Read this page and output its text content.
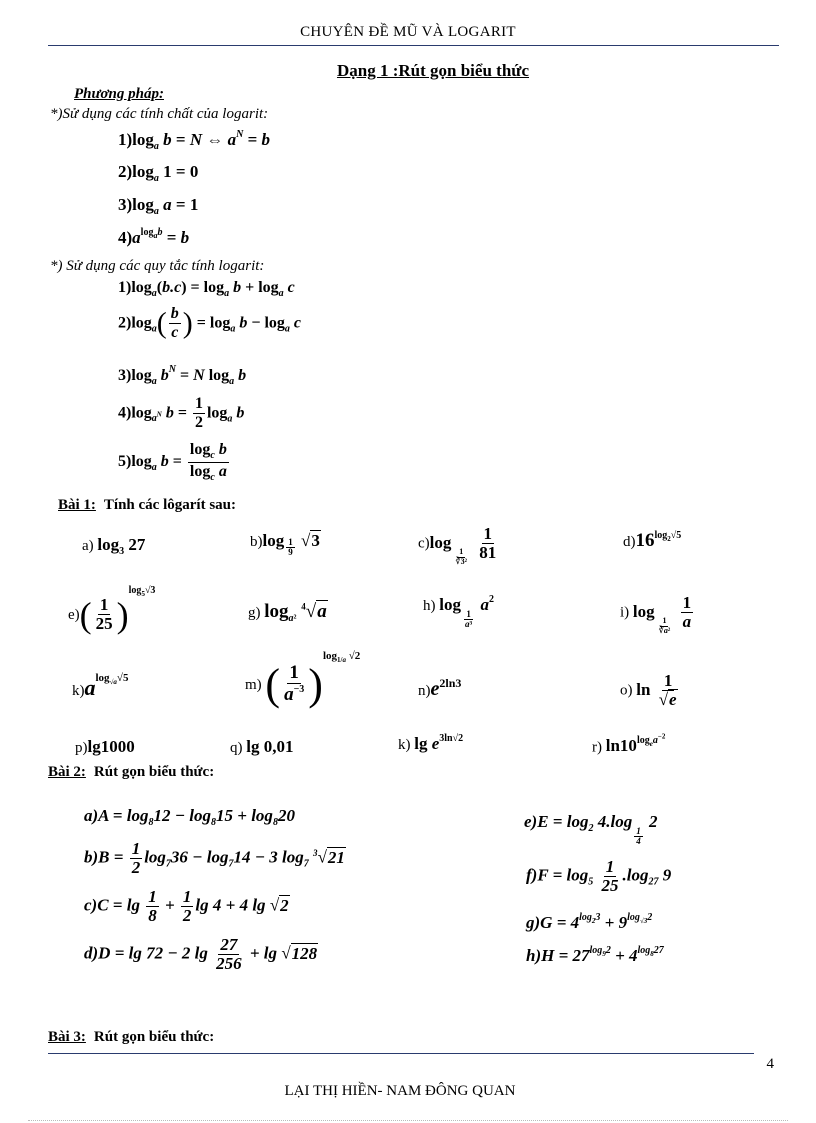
CHUYÊN ĐỀ MŨ VÀ LOGARIT
Dạng 1 :Rút gọn biểu thức
Phương pháp:
*)Sử dụng các tính chất của logarit:
$1)\log_a$ b = N ⇔ $a^N = b$
$2)\log_a$ 1 = 0
$3)\log_a$ a = 1
$4)a^{log_ab} = b$
*) Sử dụng các quy tắc tính logarit:
$1)\log_a(b.c) = \log_a b + \log_a c$
$2)\log_a( \frac{b}{c}$ ) = $\log_a b - \log_a c$
$3)\log_a$ $b^N = N$ $\log_a b$
$4)\log_{a^N}$ $b = \frac{1}{2} \log_a b$
$5)\log_a$ $b = \frac{\log_c b}{\log_c a}$
Bài 1: Tính các lôgarít sau:
a) $\log_3 27$	b)log $_{\frac{1}{9}}$ √3	c)log
$_{\frac{1}{\text{∛3²}}}$
$\frac{1}{81}$	$d)16^{log_2√5}$
$e)( \frac{1}{25} )^{log_5√3}$
g) $\log_{a^2} ^4√a$	h) log
$_{\frac{1}{\text{a³}}}$
$a^2$
i) log
$_{\frac{1}{\text{∛a²}}}$
$\frac{1}{a}$
$k)a^{log_{√a}√5}$	m) ( $\frac{1}{a^{-3}} )^{log_{1/a} √2}$
$n)e^{2ln3}$	o) $\ln \frac{1}{√e}$
p)lg1000	q) lg 0,01	k) $\lg e^{3ln√2}$
r) $\ln 10^{log_ea^{-2}}$
Bài 2: Rút gọn biểu thức:
$a)A = \log_812 - \log_815 + \log_820$
$b)B = \frac{1}{2} \log_736 - \log_714 - 3$ $\log_7 ^3√21$
$c)C = \lg \frac{1}{8} + \frac{1}{2}$ lg 4 + 4 lg √2
d)D = lg 72 − 2 $\lg \frac{27}{256} + \lg √128$
$e)E = \log_2 4.\log$
$_{\frac{1}{4}}$
2
$f)F = \log_5 \frac{1}{25} .\log_{27}$ 9
$g)G = 4^{log_23} + 9^{log_{√3}2}$
$h)H = 27^{log_92} + 4^{log_827}$
Bài 3: Rút gọn biểu thức:
4
LẠI THỊ HIỀN- NAM ĐÔNG QUAN
